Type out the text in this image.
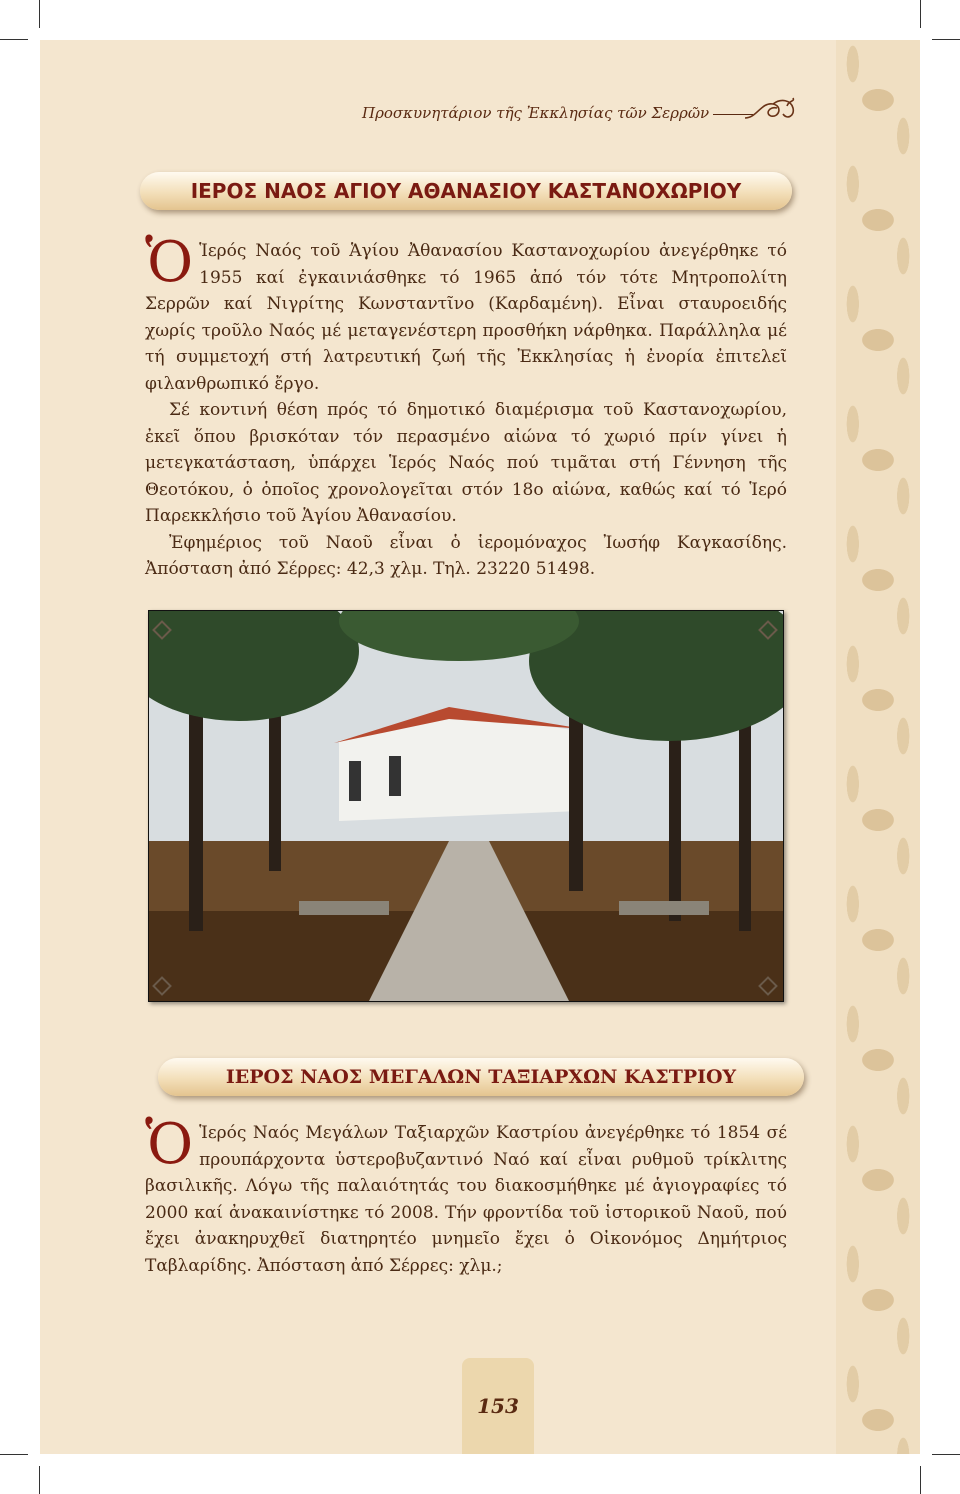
Προσκυνητάριον τῆς Ἐκκλησίας τῶν Σερρῶν
ΙΕΡΟΣ ΝΑΟΣ ΑΓΙΟΥ ΑΘΑΝΑΣΙΟΥ ΚΑΣΤΑΝΟΧΩΡΙΟΥ

Ὁ Ἱερός Ναός τοῦ Ἁγίου Ἀθανασίου Καστανοχωρίου ἀνεγέρθηκε τό 1955 καί ἐγκαινιάσθηκε τό 1965 ἀπό τόν τότε Μητροπολίτη Σερρῶν καί Νιγρίτης Κωνσταντῖνο (Καρδαμένη). Εἶναι σταυροειδής χωρίς τροῦλο Ναός μέ μεταγενέστερη προσθήκη νάρθηκα. Παράλληλα μέ τή συμμετοχή στή λατρευτική ζωή τῆς Ἐκκλησίας ἡ ἐνορία ἐπιτελεῖ φιλανθρωπικό ἔργο.

Σέ κοντινή θέση πρός τό δημοτικό διαμέρισμα τοῦ Καστανοχωρίου, ἐκεῖ ὅπου βρισκόταν τόν περασμένο αἰώνα τό χωριό πρίν γίνει ἡ μετεγκατάσταση, ὑπάρχει Ἱερός Ναός πού τιμᾶται στή Γέννηση τῆς Θεοτόκου, ὁ ὁποῖος χρονολογεῖται στόν 18ο αἰώνα, καθώς καί τό Ἱερό Παρεκκλήσιο τοῦ Ἁγίου Ἀθανασίου.

Ἐφημέριος τοῦ Ναοῦ εἶναι ὁ ἱερομόναχος Ἰωσήφ Καγκασίδης. Ἀπόσταση ἀπό Σέρρες: 42,3 χλμ. Τηλ. 23220 51498.

ΙΕΡΟΣ ΝΑΟΣ ΜΕΓΑΛΩΝ ΤΑΞΙΑΡΧΩΝ ΚΑΣΤΡΙΟΥ

Ὁ Ἱερός Ναός Μεγάλων Ταξιαρχῶν Καστρίου ἀνεγέρθηκε τό 1854 σέ προυπάρχοντα ὑστεροβυζαντινό Ναό καί εἶναι ρυθμοῦ τρίκλιτης βασιλικῆς. Λόγω τῆς παλαιότητάς του διακοσμήθηκε μέ ἁγιογραφίες τό 2000 καί ἀνακαινίστηκε τό 2008. Τήν φροντίδα τοῦ ἱστορικοῦ Ναοῦ, πού ἔχει ἀνακηρυχθεῖ διατηρητέο μνημεῖο ἔχει ὁ Οἰκονόμος Δημήτριος Ταβλαρίδης. Ἀπόσταση ἀπό Σέρρες: χλμ.;

153
